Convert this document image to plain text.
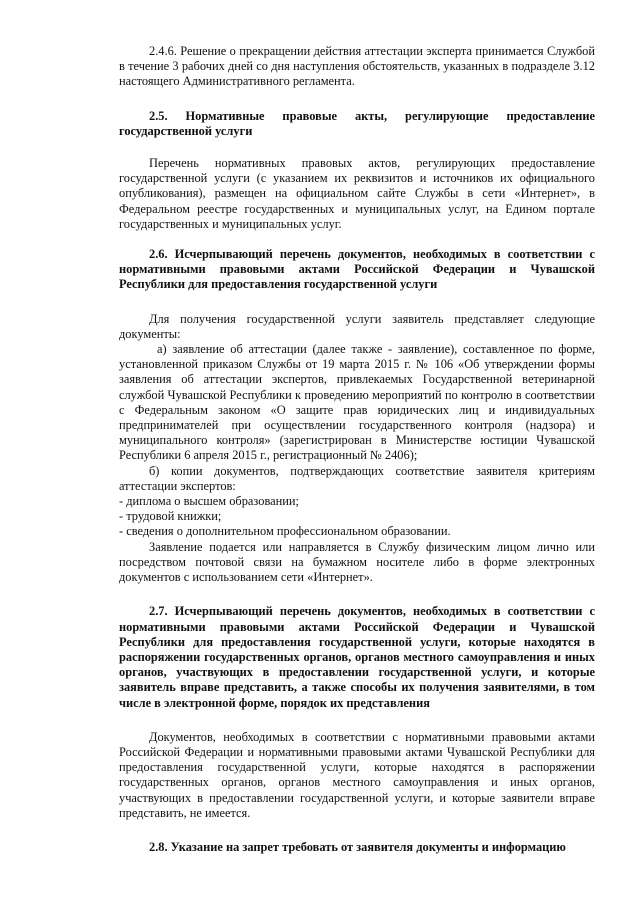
2.4.6. Решение о прекращении действия аттестации эксперта принимается Службой в течение 3 рабочих дней со дня наступления обстоятельств, указанных в подразделе 3.12 настоящего Административного регламента.

2.5. Нормативные правовые акты, регулирующие предоставление государственной услуги

Перечень нормативных правовых актов, регулирующих предоставление государственной услуги (с указанием их реквизитов и источников их официального опубликования), размещен на официальном сайте Службы в сети «Интернет», в Федеральном реестре государственных и муниципальных услуг, на Едином портале государственных и муниципальных услуг.

2.6. Исчерпывающий перечень документов, необходимых в соответствии с нормативными правовыми актами Российской Федерации и Чувашской Республики для предоставления государственной услуги

Для получения государственной услуги заявитель представляет следующие документы:

а) заявление об аттестации (далее также - заявление), составленное по форме, установленной приказом Службы от 19 марта 2015 г. № 106 «Об утверждении формы заявления об аттестации экспертов, привлекаемых Государственной ветеринарной службой Чувашской Республики к проведению мероприятий по контролю в соответствии с Федеральным законом «О защите прав юридических лиц и индивидуальных предпринимателей при осуществлении государственного контроля (надзора) и муниципального контроля» (зарегистрирован в Министерстве юстиции Чувашской Республики 6 апреля 2015 г., регистрационный № 2406);

б) копии документов, подтверждающих соответствие заявителя критериям аттестации экспертов:

- диплома о высшем образовании;

- трудовой книжки;

- сведения о дополнительном профессиональном образовании.

Заявление подается или направляется в Службу физическим лицом лично или посредством почтовой связи на бумажном носителе либо в форме электронных документов с использованием сети «Интернет».

2.7. Исчерпывающий перечень документов, необходимых в соответствии с нормативными правовыми актами Российской Федерации и Чувашской Республики для предоставления государственной услуги, которые находятся в распоряжении государственных органов, органов местного самоуправления и иных органов, участвующих в предоставлении государственной услуги, и которые заявитель вправе представить, а также способы их получения заявителями, в том числе в электронной форме, порядок их представления

Документов, необходимых в соответствии с нормативными правовыми актами Российской Федерации и нормативными правовыми актами Чувашской Республики для предоставления государственной услуги, которые находятся в распоряжении государственных органов, органов местного самоуправления и иных органов, участвующих в предоставлении государственной услуги, и которые заявители вправе представить, не имеется.

2.8. Указание на запрет требовать от заявителя документы и информацию
